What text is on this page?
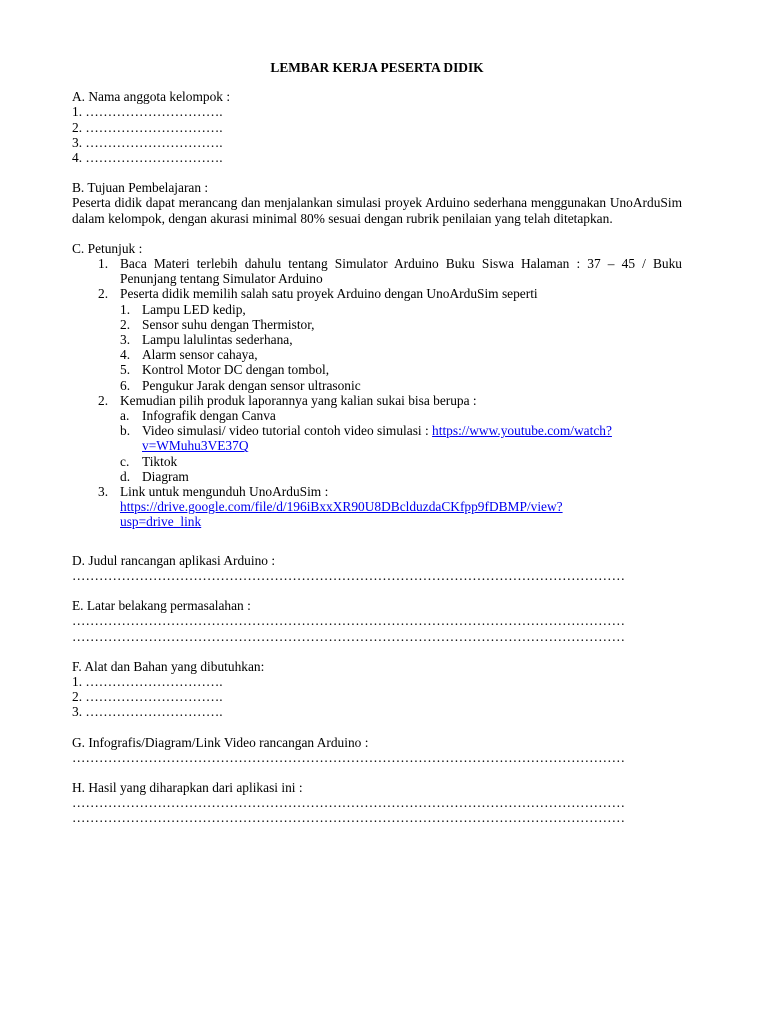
LEMBAR KERJA PESERTA DIDIK
A. Nama anggota kelompok :
1. ………………………….
2. ………………………….
3. ………………………….
4. ………………………….
B. Tujuan Pembelajaran :
Peserta didik dapat merancang dan menjalankan simulasi proyek Arduino sederhana menggunakan UnoArduSim dalam kelompok, dengan akurasi minimal 80% sesuai dengan rubrik penilaian yang telah ditetapkan.
C. Petunjuk :
1. Baca Materi terlebih dahulu tentang Simulator Arduino Buku Siswa Halaman : 37 – 45 / Buku Penunjang tentang Simulator Arduino
2. Peserta didik memilih salah satu proyek Arduino dengan UnoArduSim seperti
1. Lampu LED kedip,
2. Sensor suhu dengan Thermistor,
3. Lampu lalulintas sederhana,
4. Alarm sensor cahaya,
5. Kontrol Motor DC dengan tombol,
6. Pengukur Jarak dengan sensor ultrasonic
2. Kemudian pilih produk laporannya yang kalian sukai bisa berupa :
a. Infografik dengan Canva
b. Video simulasi/ video tutorial contoh video simulasi : https://www.youtube.com/watch?
v=WMuhu3VE37Q
c. Tiktok
d. Diagram
3. Link untuk mengunduh UnoArduSim :
https://drive.google.com/file/d/196iBxxXR90U8DBclduzdaCKfpp9fDBMP/view?
usp=drive_link
D. Judul rancangan aplikasi Arduino :
……………………………………………………………………………………………………………
E. Latar belakang permasalahan :
……………………………………………………………………………………………………………
……………………………………………………………………………………………………………
F. Alat dan Bahan yang dibutuhkan:
1. ………………………….
2. ………………………….
3. ………………………….
G. Infografis/Diagram/Link Video rancangan Arduino :
……………………………………………………………………………………………………………
H. Hasil yang diharapkan dari aplikasi ini :
……………………………………………………………………………………………………………
……………………………………………………………………………………………………………
